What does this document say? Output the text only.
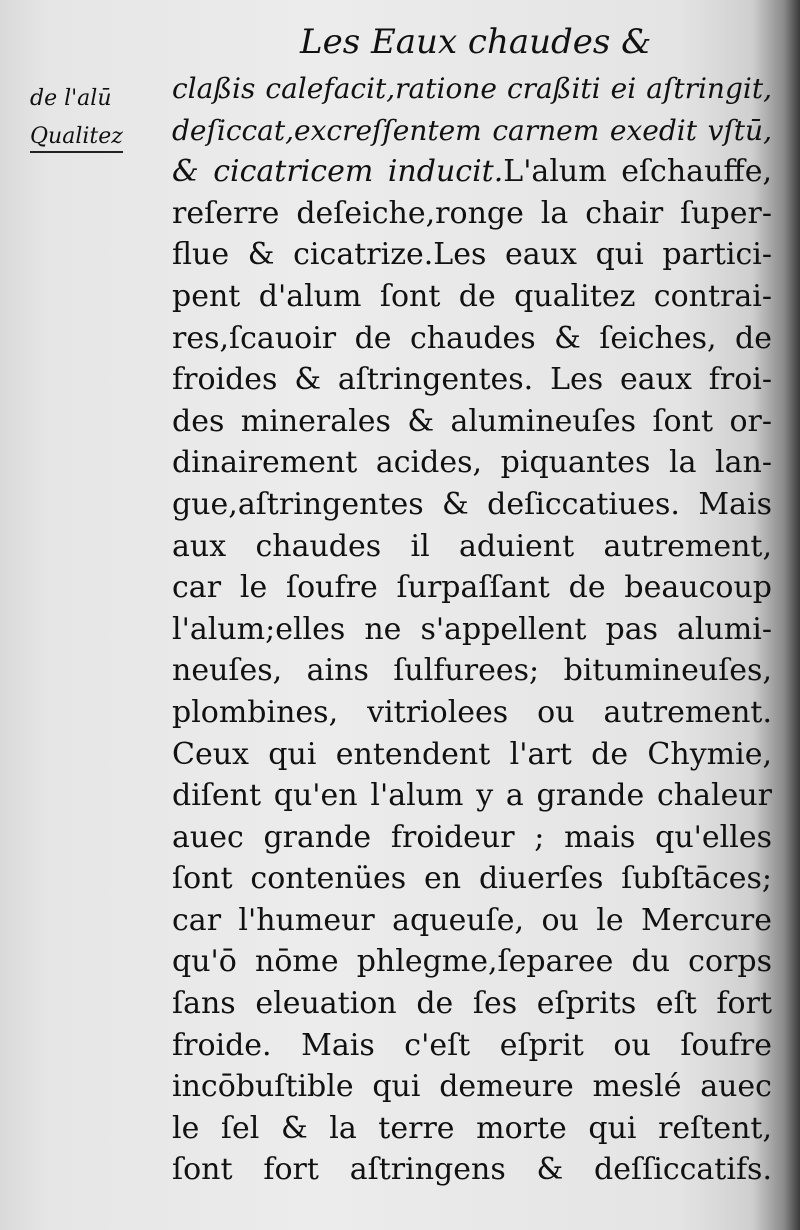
Les Eaux chaudes &
de l'alū
Qualitez
claßis calefacit,ratione craßiti ei aſtringit,
deſiccat,excreſſentem carnem exedit vſtū,
& cicatricem inducit.L'alum eſchauffe,
reſerre deſeiche,ronge la chair ſuper-
flue & cicatrize.Les eaux qui partici-
pent d'alum ſont de qualitez contrai-
res,ſcauoir de chaudes & ſeiches, de
froides & aſtringentes. Les eaux froi-
des minerales & alumineuſes ſont or-
dinairement acides, piquantes la lan-
gue,aſtringentes & deſiccatiues. Mais
aux chaudes il aduient autrement,
car le ſoufre ſurpaſſant de beaucoup
l'alum;elles ne s'appellent pas alumi-
neuſes, ains ſulfurees; bitumineuſes,
plombines, vitriolees ou autrement.
Ceux qui entendent l'art de Chymie,
diſent qu'en l'alum y a grande chaleur
auec grande froideur ; mais qu'elles
ſont contenües en diuerſes ſubſtāces;
car l'humeur aqueuſe, ou le Mercure
qu'ō nōme phlegme,ſeparee du corps
ſans eleuation de ſes eſprits eſt fort
froide. Mais c'eſt eſprit ou ſoufre
incōbuſtible qui demeure meslé auec
le ſel & la terre morte qui reſtent,
ſont fort aſtringens & deſſiccatifs.
